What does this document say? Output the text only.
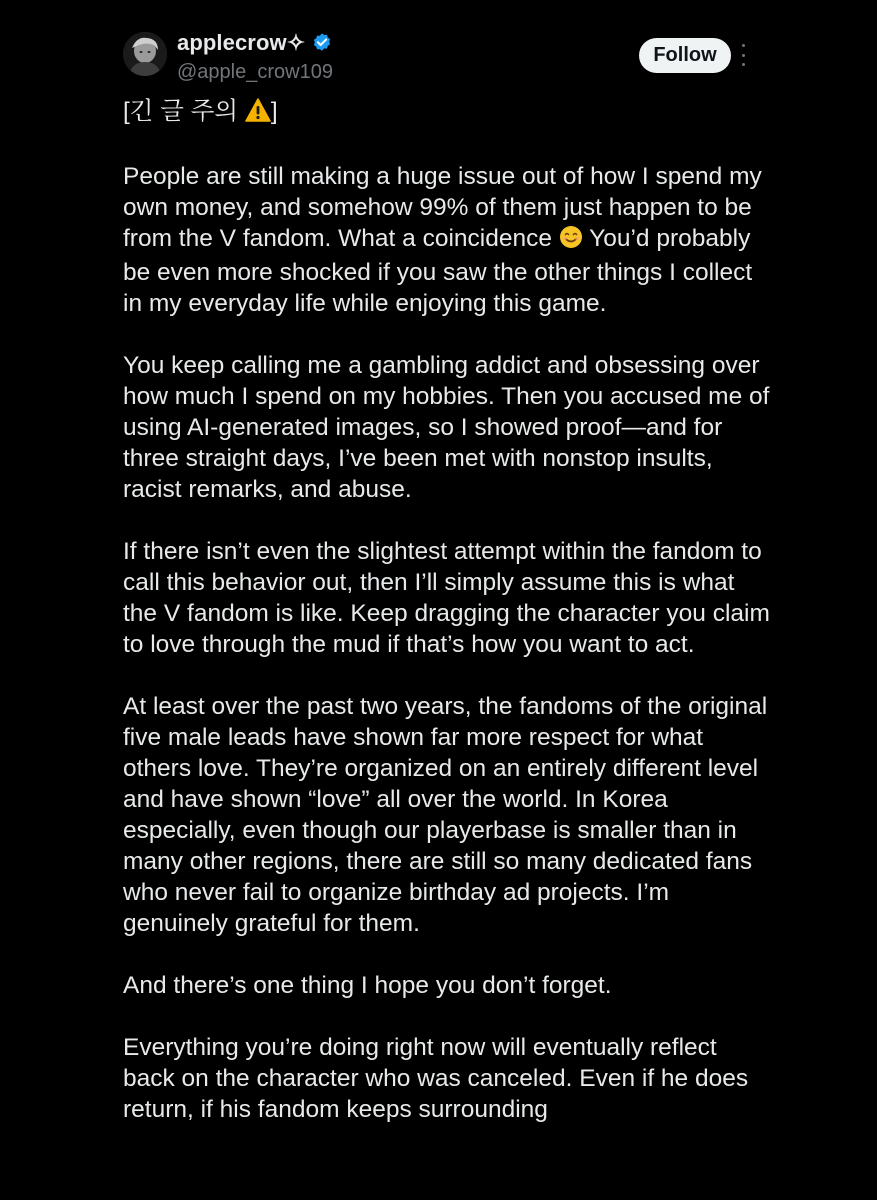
applecrow✧
@apple_crow109
Follow

[긴 글 주의 ]

People are still making a huge issue out of how I spend my own money, and somehow 99% of them just happen to be from the V fandom. What a coincidence  You’d probably be even more shocked if you saw the other things I collect in my everyday life while enjoying this game.

You keep calling me a gambling addict and obsessing over how much I spend on my hobbies. Then you accused me of using AI-generated images, so I showed proof—and for three straight days, I’ve been met with nonstop insults, racist remarks, and abuse.

If there isn’t even the slightest attempt within the fandom to call this behavior out, then I’ll simply assume this is what the V fandom is like. Keep dragging the character you claim to love through the mud if that’s how you want to act.

At least over the past two years, the fandoms of the original five male leads have shown far more respect for what others love. They’re organized on an entirely different level and have shown “love” all over the world. In Korea especially, even though our playerbase is smaller than in many other regions, there are still so many dedicated fans who never fail to organize birthday ad projects. I’m genuinely grateful for them.

And there’s one thing I hope you don’t forget.

Everything you’re doing right now will eventually reflect back on the character who was canceled. Even if he does return, if his fandom keeps surrounding
